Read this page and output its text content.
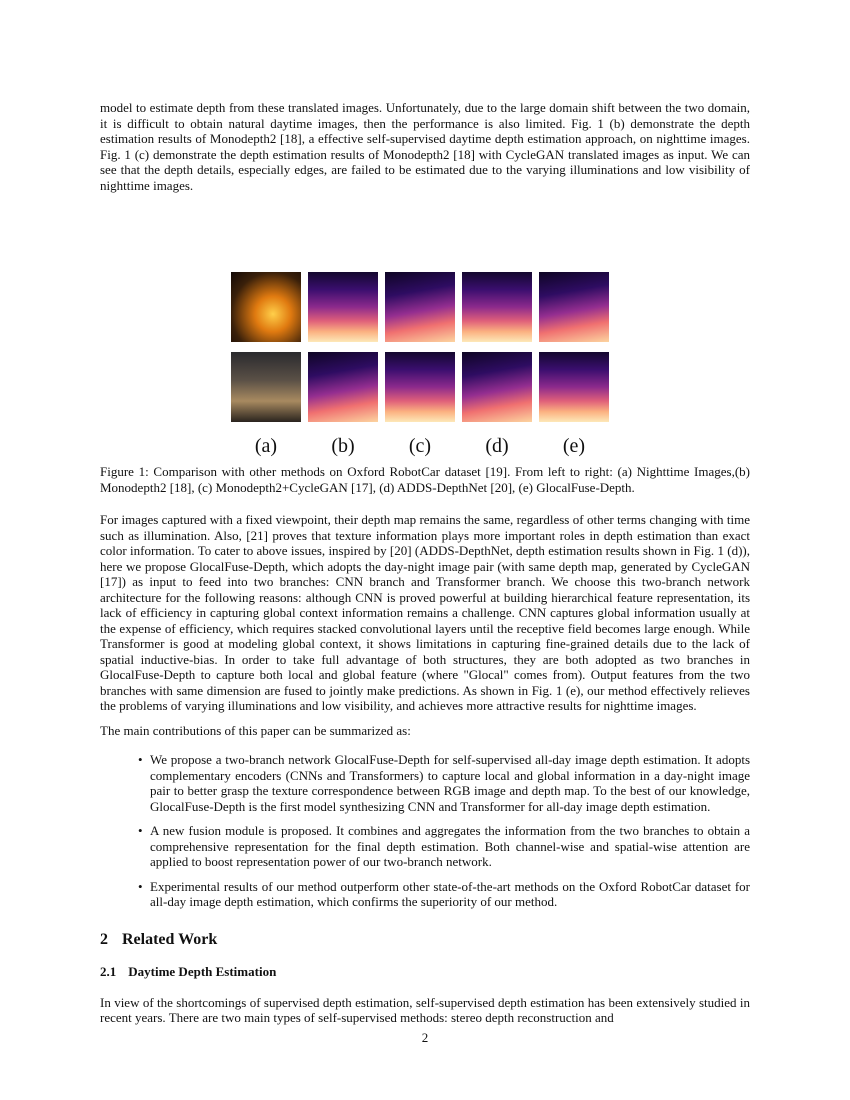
model to estimate depth from these translated images. Unfortunately, due to the large domain shift between the two domain, it is difficult to obtain natural daytime images, then the performance is also limited. Fig. 1 (b) demonstrate the depth estimation results of Monodepth2 [18], a effective self-supervised daytime depth estimation approach, on nighttime images. Fig. 1 (c) demonstrate the depth estimation results of Monodepth2 [18] with CycleGAN translated images as input. We can see that the depth details, especially edges, are failed to be estimated due to the varying illuminations and low visibility of nighttime images.

(a)	(b)	(c)	(d)	(e)

Figure 1: Comparison with other methods on Oxford RobotCar dataset [19]. From left to right: (a) Nighttime Images,(b) Monodepth2 [18], (c) Monodepth2+CycleGAN [17], (d) ADDS-DepthNet [20], (e) GlocalFuse-Depth.

For images captured with a fixed viewpoint, their depth map remains the same, regardless of other terms changing with time such as illumination. Also, [21] proves that texture information plays more important roles in depth estimation than exact color information. To cater to above issues, inspired by [20] (ADDS-DepthNet, depth estimation results shown in Fig. 1 (d)), here we propose GlocalFuse-Depth, which adopts the day-night image pair (with same depth map, generated by CycleGAN [17]) as input to feed into two branches: CNN branch and Transformer branch. We choose this two-branch network architecture for the following reasons: although CNN is proved powerful at building hierarchical feature representation, its lack of efficiency in capturing global context information remains a challenge. CNN captures global information usually at the expense of efficiency, which requires stacked convolutional layers until the receptive field becomes large enough. While Transformer is good at modeling global context, it shows limitations in capturing fine-grained details due to the lack of spatial inductive-bias. In order to take full advantage of both structures, they are both adopted as two branches in GlocalFuse-Depth to capture both local and global feature (where "Glocal" comes from). Output features from the two branches with same dimension are fused to jointly make predictions. As shown in Fig. 1 (e), our method effectively relieves the problems of varying illuminations and low visibility, and achieves more attractive results for nighttime images.

The main contributions of this paper can be summarized as:

• We propose a two-branch network GlocalFuse-Depth for self-supervised all-day image depth estimation. It adopts complementary encoders (CNNs and Transformers) to capture local and global information in a day-night image pair to better grasp the texture correspondence between RGB image and depth map. To the best of our knowledge, GlocalFuse-Depth is the first model synthesizing CNN and Transformer for all-day image depth estimation.
• A new fusion module is proposed. It combines and aggregates the information from the two branches to obtain a comprehensive representation for the final depth estimation. Both channel-wise and spatial-wise attention are applied to boost representation power of our two-branch network.
• Experimental results of our method outperform other state-of-the-art methods on the Oxford RobotCar dataset for all-day image depth estimation, which confirms the superiority of our method.
2 Related Work
2.1 Daytime Depth Estimation

In view of the shortcomings of supervised depth estimation, self-supervised depth estimation has been extensively studied in recent years. There are two main types of self-supervised methods: stereo depth reconstruction and

2
